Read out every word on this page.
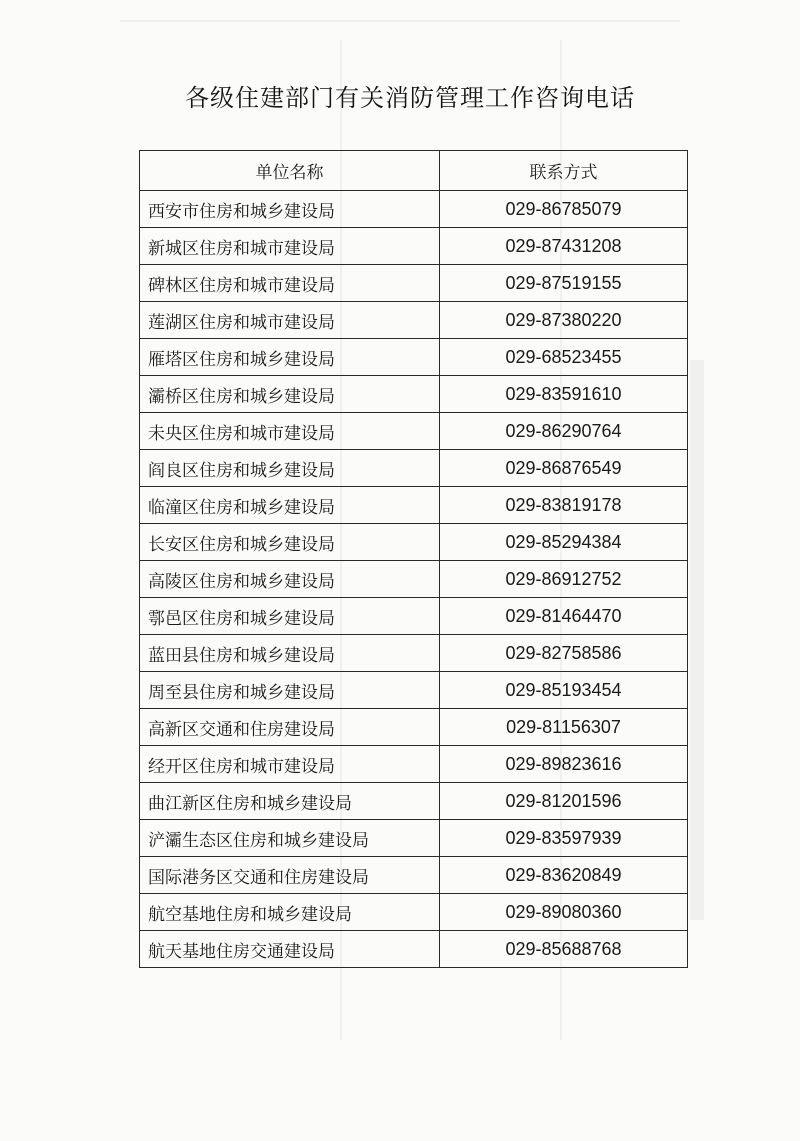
各级住建部门有关消防管理工作咨询电话
单位名称	联系方式
西安市住房和城乡建设局	029-86785079
新城区住房和城市建设局	029-87431208
碑林区住房和城市建设局	029-87519155
莲湖区住房和城市建设局	029-87380220
雁塔区住房和城乡建设局	029-68523455
灞桥区住房和城乡建设局	029-83591610
未央区住房和城市建设局	029-86290764
阎良区住房和城乡建设局	029-86876549
临潼区住房和城乡建设局	029-83819178
长安区住房和城乡建设局	029-85294384
高陵区住房和城乡建设局	029-86912752
鄠邑区住房和城乡建设局	029-81464470
蓝田县住房和城乡建设局	029-82758586
周至县住房和城乡建设局	029-85193454
高新区交通和住房建设局	029-81156307
经开区住房和城市建设局	029-89823616
曲江新区住房和城乡建设局	029-81201596
浐灞生态区住房和城乡建设局	029-83597939
国际港务区交通和住房建设局	029-83620849
航空基地住房和城乡建设局	029-89080360
航天基地住房交通建设局	029-85688768
